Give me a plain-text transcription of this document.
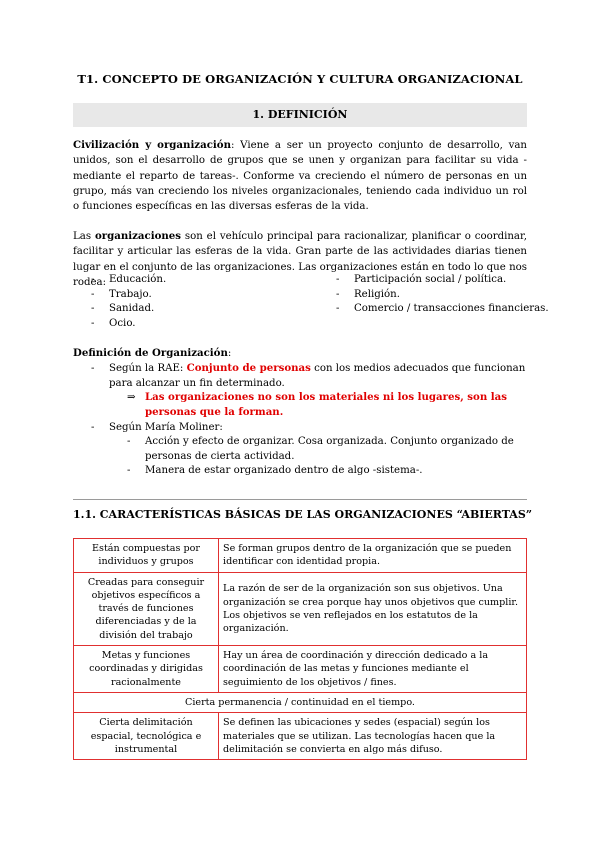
T1. CONCEPTO DE ORGANIZACIÓN Y CULTURA ORGANIZACIONAL
1. DEFINICIÓN
Civilización y organización: Viene a ser un proyecto conjunto de desarrollo, van unidos, son el desarrollo de grupos que se unen y organizan para facilitar su vida -mediante el reparto de tareas-. Conforme va creciendo el número de personas en un grupo, más van creciendo los niveles organizacionales, teniendo cada individuo un rol o funciones específicas en las diversas esferas de la vida.
Las organizaciones son el vehículo principal para racionalizar, planificar o coordinar, facilitar y articular las esferas de la vida. Gran parte de las actividades diarias tienen lugar en el conjunto de las organizaciones. Las organizaciones están en todo lo que nos rodea: - Educación.
- Trabajo.
- Sanidad.
- Ocio.
- Participación social / política.
- Religión.
- Comercio / transacciones financieras.
Definición de Organización:
- Según la RAE: Conjunto de personas con los medios adecuados que funcionan para alcanzar un fin determinado.
⇒ Las organizaciones no son los materiales ni los lugares, son las personas que la forman.
- Según María Moliner:
- Acción y efecto de organizar. Cosa organizada. Conjunto organizado de personas de cierta actividad.
- Manera de estar organizado dentro de algo -sistema-.
1.1. CARACTERÍSTICAS BÁSICAS DE LAS ORGANIZACIONES “ABIERTAS”
Están compuestas por individuos y grupos	Se forman grupos dentro de la organización que se pueden identificar con identidad propia.
Creadas para conseguir objetivos específicos a través de funciones diferenciadas y de la división del trabajo	La razón de ser de la organización son sus objetivos. Una organización se crea porque hay unos objetivos que cumplir. Los objetivos se ven reflejados en los estatutos de la organización.
Metas y funciones coordinadas y dirigidas racionalmente	Hay un área de coordinación y dirección dedicado a la coordinación de las metas y funciones mediante el seguimiento de los objetivos / fines.
Cierta permanencia / continuidad en el tiempo.	
Cierta delimitación espacial, tecnológica e instrumental	Se definen las ubicaciones y sedes (espacial) según los materiales que se utilizan. Las tecnologías hacen que la delimitación se convierta en algo más difuso.
